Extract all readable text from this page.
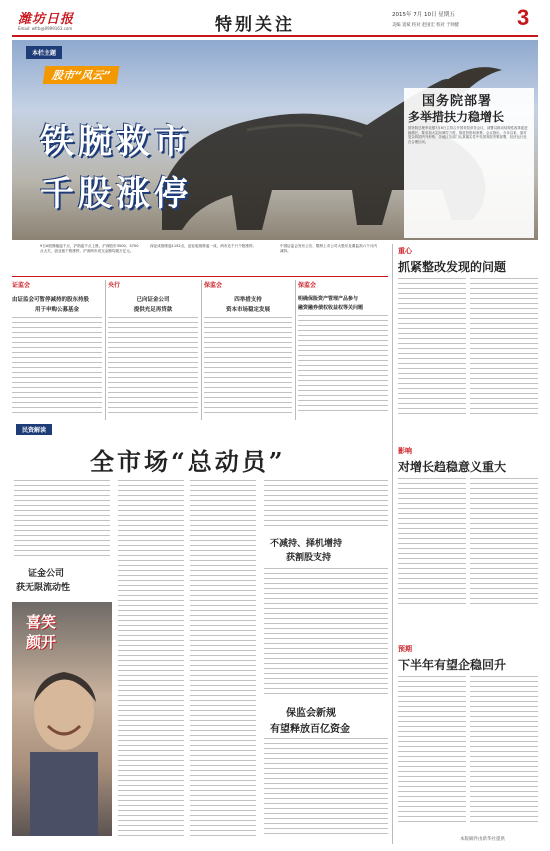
潍坊日报
Email: wfrb@0999163.com	特别关注	2015年 7月 10日 星期五
美编 窦斌 校对 赵国宏 校对 于帅健	3
本栏主题
股市“风云”
铁腕救市
千股涨停
国务院部署
多举措扶力稳增长
国务院总理李克强7月8日主持召开国务院常务会议，部署以推动结构性改革促进稳增长，要求加大定向调控力度，推进投资和消费。会议指出，今年以来，面对复杂的国内外形势，各地区各部门认真落实党中央国务院决策部署，经济运行处在合理区间。
9日A股涨幅逾千点，沪指逾千点上涨，沪深股市3500、3700点大关，创业板个股涨停，沪深两市成交金额均破万亿元。
深证成指涨逾1152点，创业板指涨逾一成，两市近千只个股涨停。	中国证监会发布公告，限制上市公司大股东及董监高六个月内减持。	重心
抓紧整改发现的问题
影响
对增长趋稳意义重大
预期
下半年有望企稳回升
本版稿件由新华社提供
证监会
由证监会可暂停减持的股东持股
用于申购公募基金
央行
已向证金公司
提供充足再贷款
保监会
四举措支持
资本市场稳定发展
保监会
明确保险资产管理产品参与
融资融券债权收益权等关问题
民资解读
全市场“总动员”
证金公司
获无限流动性
喜笑颜开
不减持、择机增持
获割股支持
保监会新规
有望释放百亿资金
